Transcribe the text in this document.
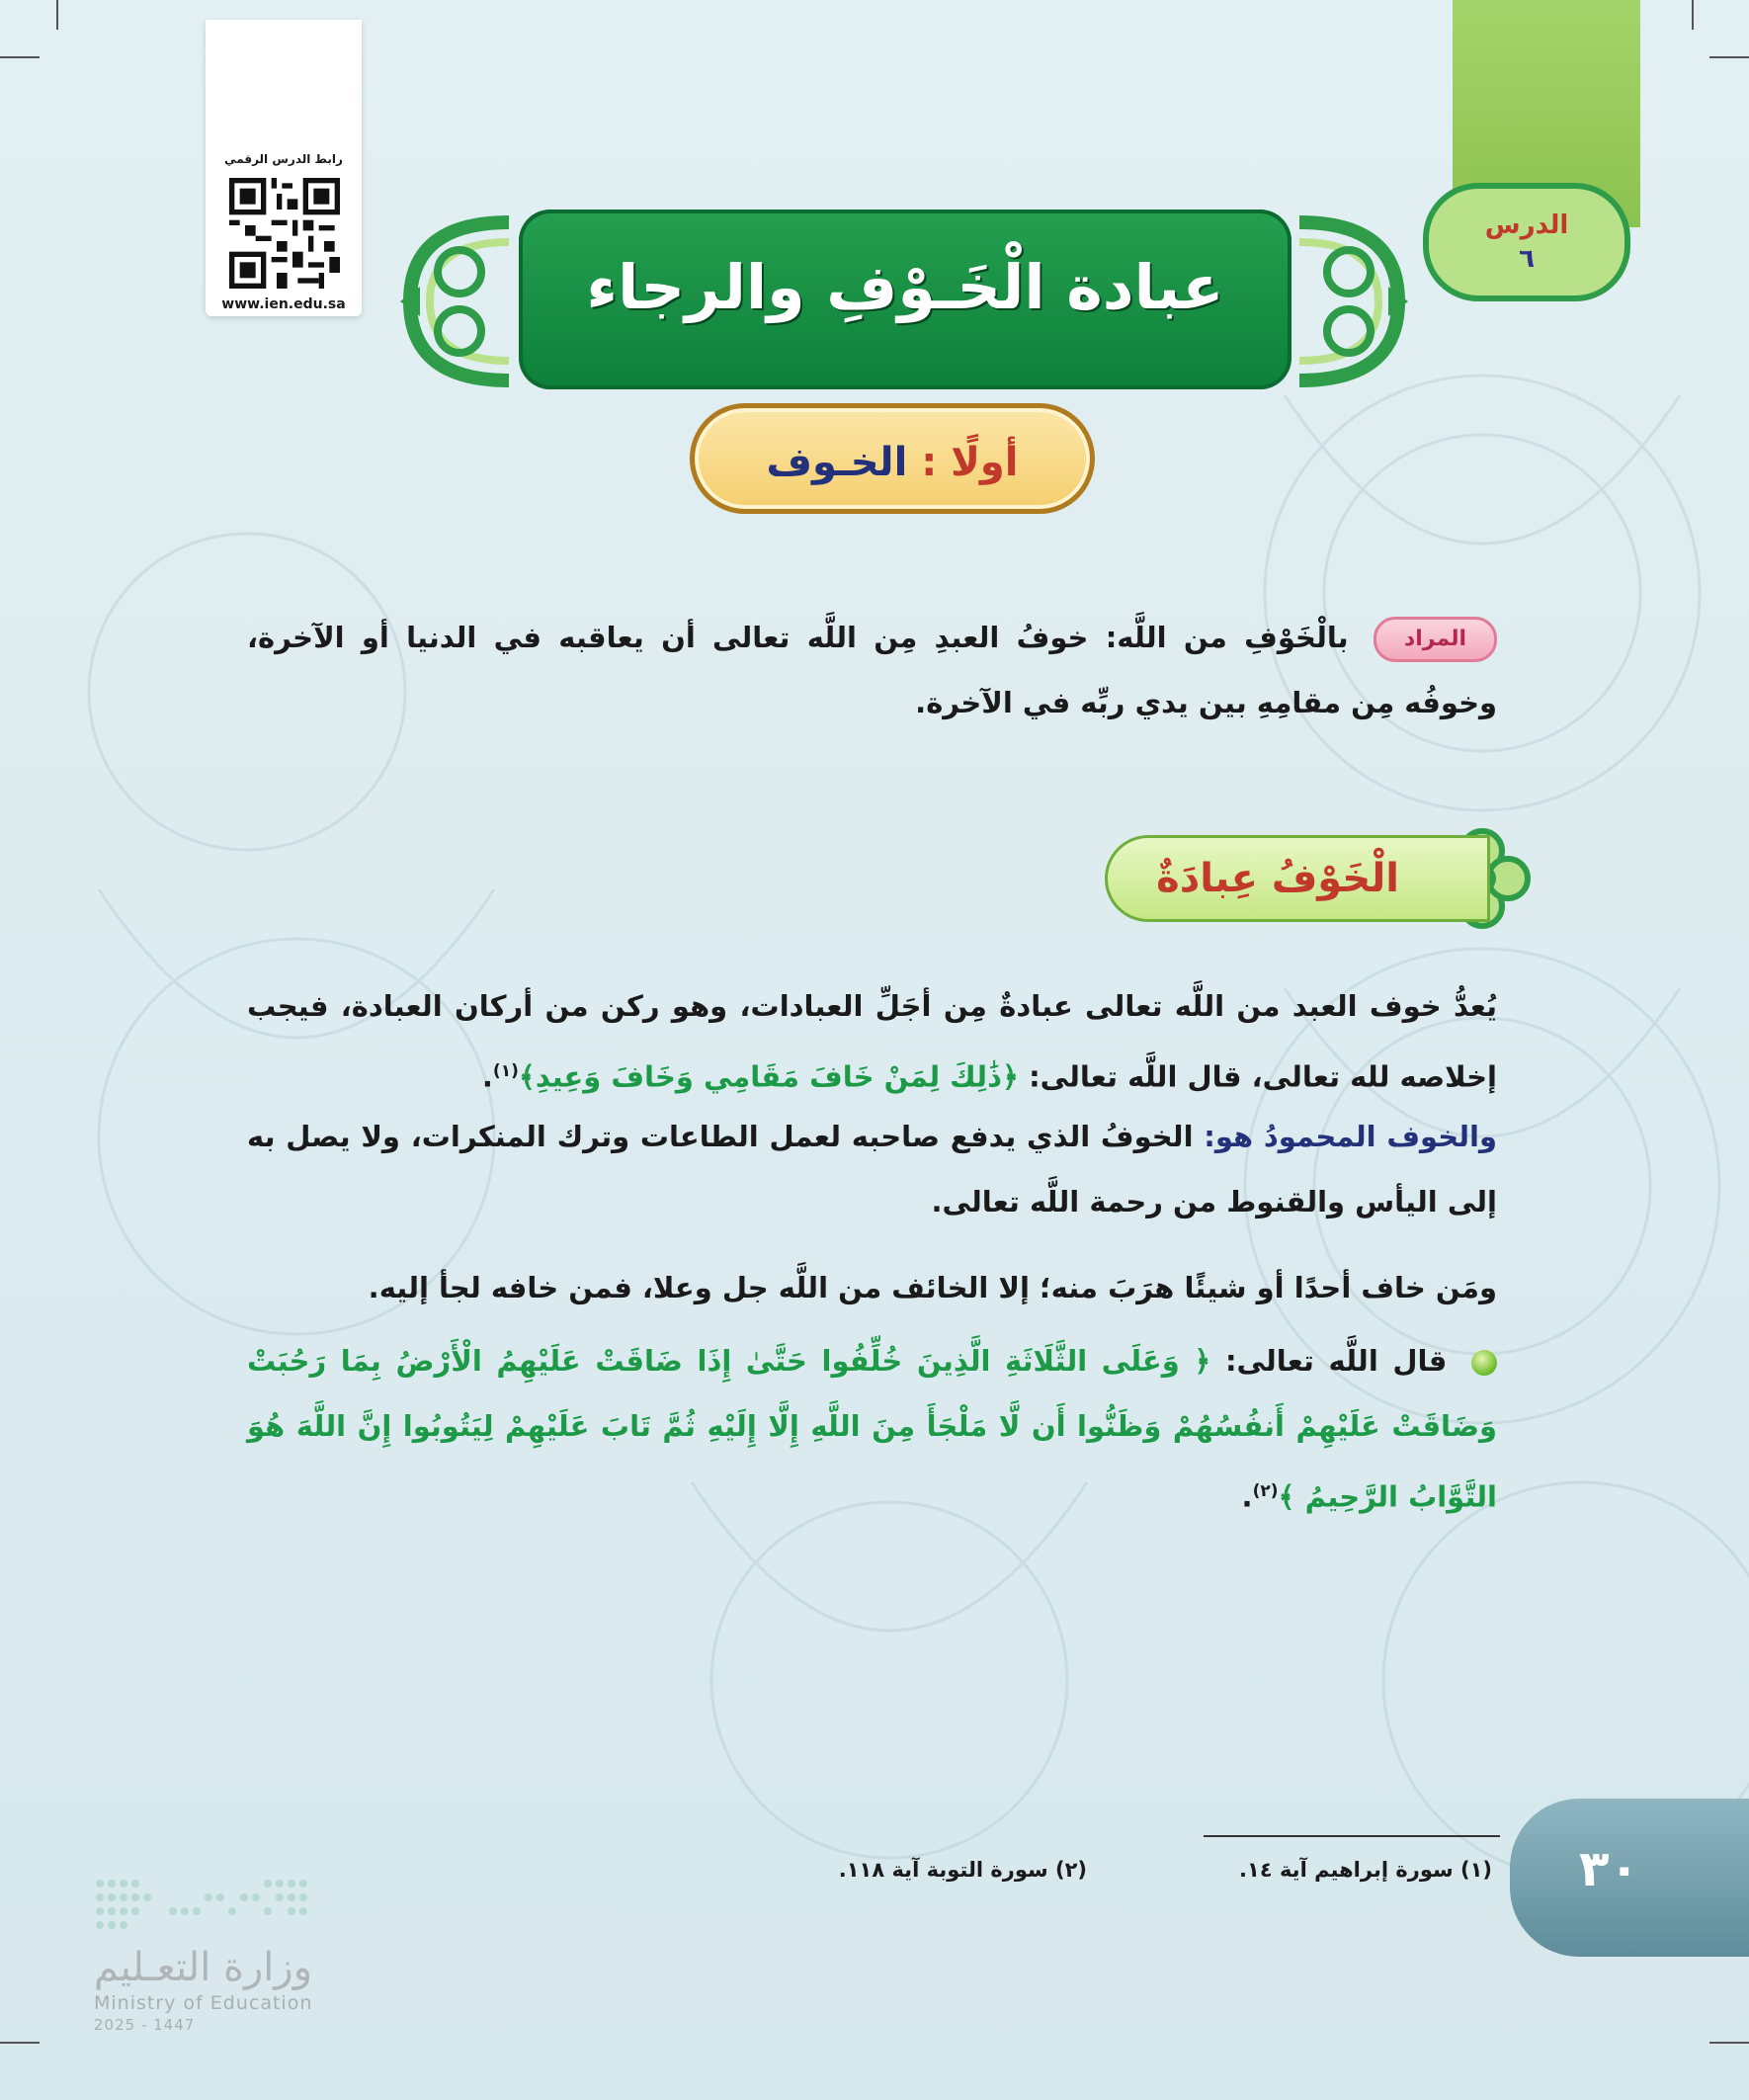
رابط الدرس الرقمي
www.ien.edu.sa
الدرس
٦
عبادة الْخَـوْفِ والرجاء
أولًا : الخـوف
المراد بالْخَوْفِ من اللَّه: خوفُ العبدِ مِن اللَّه تعالى أن يعاقبه في الدنيا أو الآخرة، وخوفُه مِن مقامِهِ بين يدي ربِّه في الآخرة.
الْخَوْفُ عِبادَةٌ
يُعدُّ خوف العبد من اللَّه تعالى عبادةٌ مِن أجَلِّ العبادات، وهو ركن من أركان العبادة، فيجب إخلاصه لله تعالى، قال اللَّه تعالى: ﴿ذَٰلِكَ لِمَنْ خَافَ مَقَامِي وَخَافَ وَعِيدِ﴾$^{(١)}$.
والخوف المحمودُ هو: الخوفُ الذي يدفع صاحبه لعمل الطاعات وترك المنكرات، ولا يصل به إلى اليأس والقنوط من رحمة اللَّه تعالى.
ومَن خاف أحدًا أو شيئًا هرَبَ منه؛ إلا الخائف من اللَّه جل وعلا، فمن خافه لجأ إليه.
قال اللَّه تعالى: ﴿ وَعَلَى الثَّلَاثَةِ الَّذِينَ خُلِّفُوا حَتَّىٰ إِذَا ضَاقَتْ عَلَيْهِمُ الْأَرْضُ بِمَا رَحُبَتْ وَضَاقَتْ عَلَيْهِمْ أَنفُسُهُمْ وَظَنُّوا أَن لَّا مَلْجَأَ مِنَ اللَّهِ إِلَّا إِلَيْهِ ثُمَّ تَابَ عَلَيْهِمْ لِيَتُوبُوا إِنَّ اللَّهَ هُوَ التَّوَّابُ الرَّحِيمُ ﴾$^{(٢)}$.
(١) سورة إبراهيم آية ١٤.
(٢) سورة التوبة آية ١١٨.	٣٠
وزارة التعـليم
Ministry of Education
2025 - 1447
